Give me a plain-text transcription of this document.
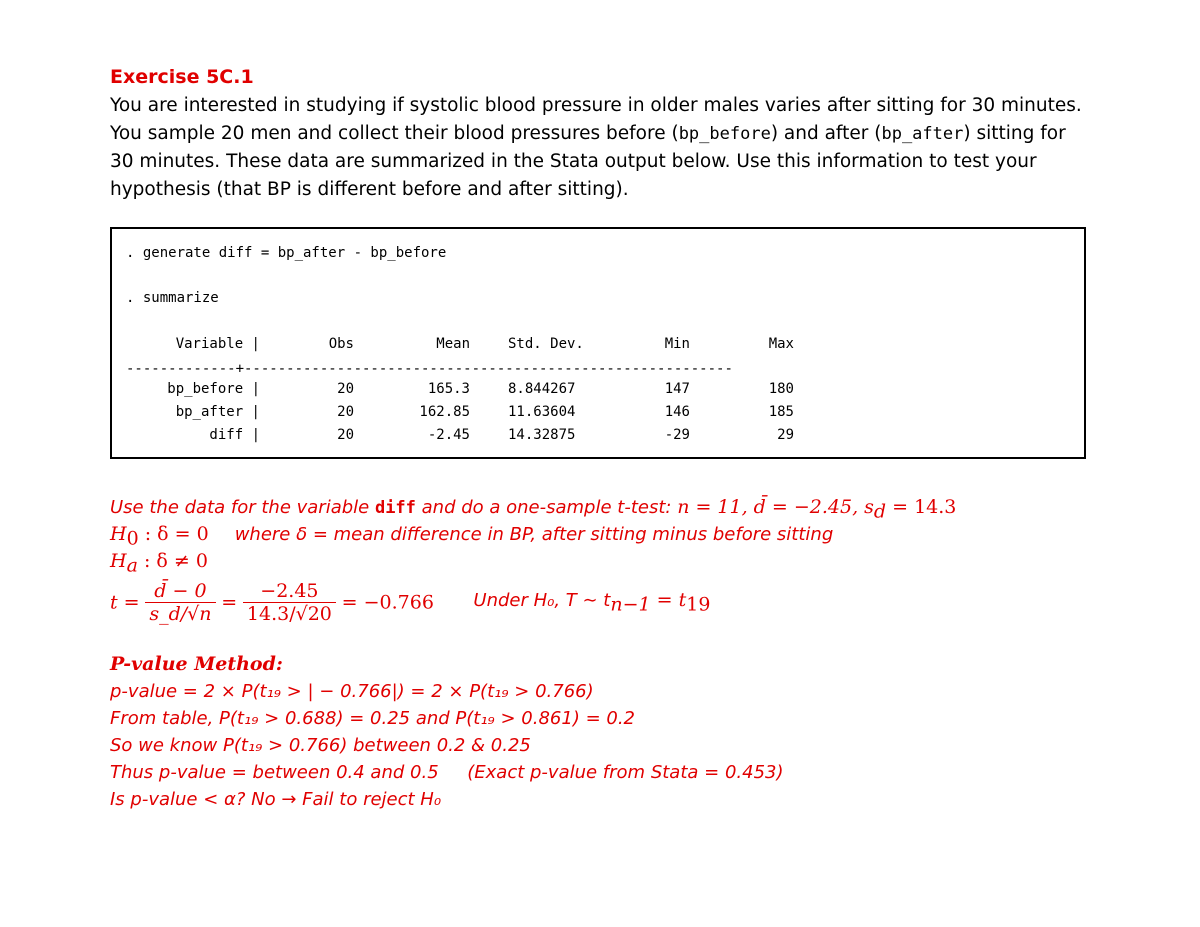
Exercise 5C.1
You are interested in studying if systolic blood pressure in older males varies after sitting for 30 minutes.
You sample 20 men and collect their blood pressures before (bp_before) and after (bp_after) sitting for
30 minutes. These data are summarized in the Stata output below. Use this information to test your
hypothesis (that BP is different before and after sitting).
. generate diff = bp_after - bp_before
. summarize
Variable |	Obs	Mean	Std. Dev.	Min	Max
-------------+----------------------------------------------------------
bp_before |	20	165.3	8.844267	147	180
bp_after |	20	162.85	11.63604	146	185
diff |	20	-2.45	14.32875	-29	29
Use the data for the variable diff and do a one-sample t-test: n = 11, d̄ = −2.45, $s_d = 14.3$
$H_0$ : δ = 0 where δ = mean difference in BP, after sitting minus before sitting
$H_a$ : δ ≠ 0
$t = \frac{d̄ - 0}{s\_d/√n} = \frac{-2.45}{14.3/√20} = -0.766$ Under H₀, T ∼ $t_{n-1} = t_{19}$
P-value Method:
p-value = 2 × P(t₁₉ > | − 0.766|) = 2 × P(t₁₉ > 0.766)
From table, P(t₁₉ > 0.688) = 0.25 and P(t₁₉ > 0.861) = 0.2
So we know P(t₁₉ > 0.766) between 0.2 & 0.25
Thus p-value = between 0.4 and 0.5     (Exact p-value from Stata = 0.453)
Is p-value < α? No → Fail to reject H₀
